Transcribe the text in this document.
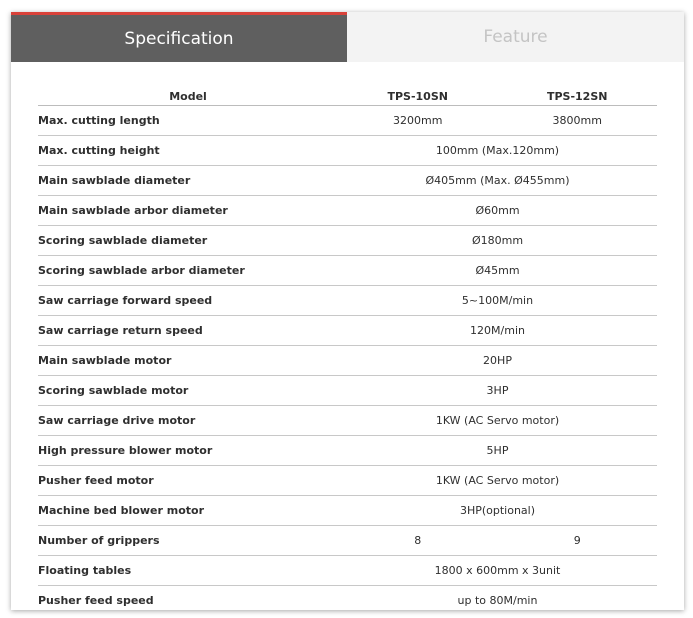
Specification	Feature
Model	TPS-10SN	TPS-12SN
Max. cutting length	3200mm	3800mm
Max. cutting height	100mm (Max.120mm)	
Main sawblade diameter	Ø405mm (Max. Ø455mm)	
Main sawblade arbor diameter	Ø60mm	
Scoring sawblade diameter	Ø180mm	
Scoring sawblade arbor diameter	Ø45mm	
Saw carriage forward speed	5~100M/min	
Saw carriage return speed	120M/min	
Main sawblade motor	20HP	
Scoring sawblade motor	3HP	
Saw carriage drive motor	1KW (AC Servo motor)	
High pressure blower motor	5HP	
Pusher feed motor	1KW (AC Servo motor)	
Machine bed blower motor	3HP(optional)	
Number of grippers	8	9
Floating tables	1800 x 600mm x 3unit	
Pusher feed speed	up to 80M/min	
